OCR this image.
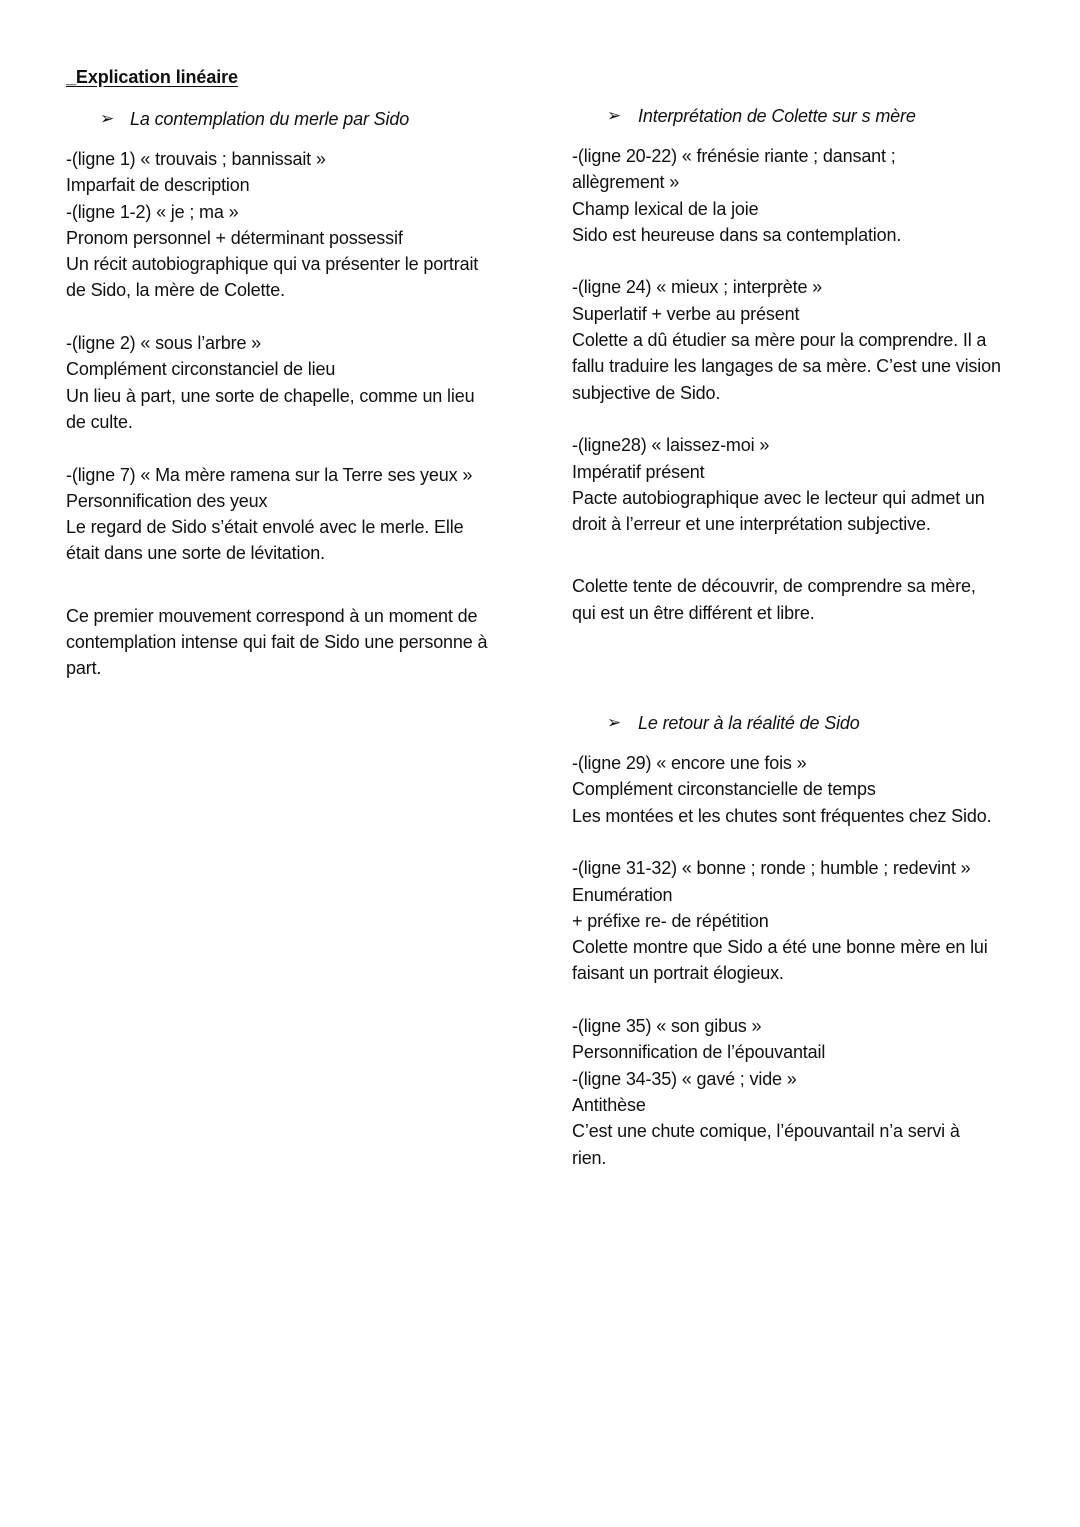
_Explication linéaire
➢ La contemplation du merle par Sido
-(ligne 1) « trouvais ; bannissait »
Imparfait de description
-(ligne 1-2) « je ; ma »
Pronom personnel + déterminant possessif
Un récit autobiographique qui va présenter le portrait
de Sido, la mère de Colette.
-(ligne 2) « sous l’arbre »
Complément circonstanciel de lieu
Un lieu à part, une sorte de chapelle, comme un lieu
de culte.
-(ligne 7) « Ma mère ramena sur la Terre ses yeux »
Personnification des yeux
Le regard de Sido s’était envolé avec le merle. Elle
était dans une sorte de lévitation.
Ce premier mouvement correspond à un moment de
contemplation intense qui fait de Sido une personne à
part.
➢ Interprétation de Colette sur s mère
-(ligne 20-22) « frénésie riante ; dansant ;
allègrement »
Champ lexical de la joie
Sido est heureuse dans sa contemplation.
-(ligne 24) « mieux ; interprète »
Superlatif + verbe au présent
Colette a dû étudier sa mère pour la comprendre. Il a
fallu traduire les langages de sa mère. C’est une vision
subjective de Sido.
-(ligne28) « laissez-moi »
Impératif présent
Pacte autobiographique avec le lecteur qui admet un
droit à l’erreur et une interprétation subjective.
Colette tente de découvrir, de comprendre sa mère,
qui est un être différent et libre.
➢ Le retour à la réalité de Sido
-(ligne 29) « encore une fois »
Complément circonstancielle de temps
Les montées et les chutes sont fréquentes chez Sido.
-(ligne 31-32) « bonne ; ronde ; humble ; redevint »
Enumération
+ préfixe re- de répétition
Colette montre que Sido a été une bonne mère en lui
faisant un portrait élogieux.
-(ligne 35) « son gibus »
Personnification de l’épouvantail
-(ligne 34-35) « gavé ; vide »
Antithèse
C’est une chute comique, l’épouvantail n’a servi à
rien.
